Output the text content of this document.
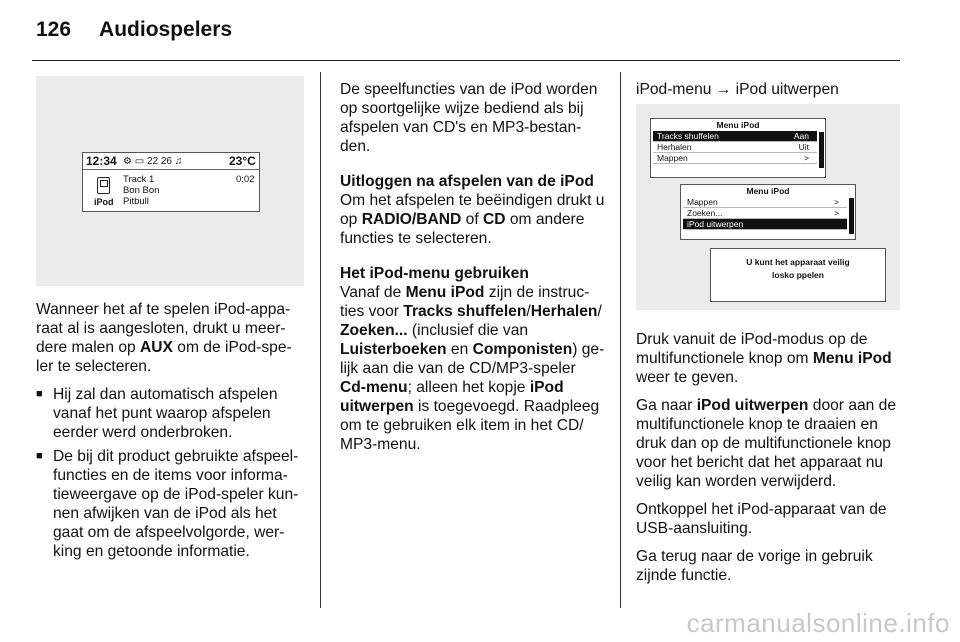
126 Audiospelers
12:34 ⚙ ▭ 22 26 ♫	23°C
iPod
Track 1	0:02
Bon Bon
Pitbull

Wanneer het af te spelen iPod-appa-raat al is aangesloten, drukt u meer-dere malen op AUX om de iPod-spe-ler te selecteren.

■ Hij zal dan automatisch afspelen vanaf het punt waarop afspelen eerder werd onderbroken.
■ De bij dit product gebruikte afspeel-functies en de items voor informa-tieweergave op de iPod-speler kun-nen afwijken van de iPod als het gaat om de afspeelvolgorde, wer-king en getoonde informatie.

De speelfuncties van de iPod worden op soortgelijke wijze bediend als bij afspelen van CD's en MP3-bestan-den.

Uitloggen na afspelen van de iPod

Om het afspelen te beëindigen drukt u op RADIO/BAND of CD om andere functies te selecteren.

Het iPod-menu gebruiken

Vanaf de Menu iPod zijn de instruc-ties voor Tracks shuffelen/Herhalen/ Zoeken... (inclusief die van Luisterboeken en Componisten) ge-lijk aan die van de CD/MP3-speler Cd-menu; alleen het kopje iPod uitwerpen is toegevoegd. Raadpleeg om te gebruiken elk item in het CD/ MP3-menu.

iPod-menu → iPod uitwerpen
Menu iPod
Tracks shuffelen	Aan
Herhalen	Uit
Mappen	>
Menu iPod
Mappen	>
Zoeken...	>
iPod uitwerpen
U kunt het apparaat veilig
losko ppelen

Druk vanuit de iPod-modus op de multifunctionele knop om Menu iPod weer te geven.

Ga naar iPod uitwerpen door aan de multifunctionele knop te draaien en druk dan op de multifunctionele knop voor het bericht dat het apparaat nu veilig kan worden verwijderd.

Ontkoppel het iPod-apparaat van de USB-aansluiting.

Ga terug naar de vorige in gebruik zijnde functie.

carmanualsonline.info
